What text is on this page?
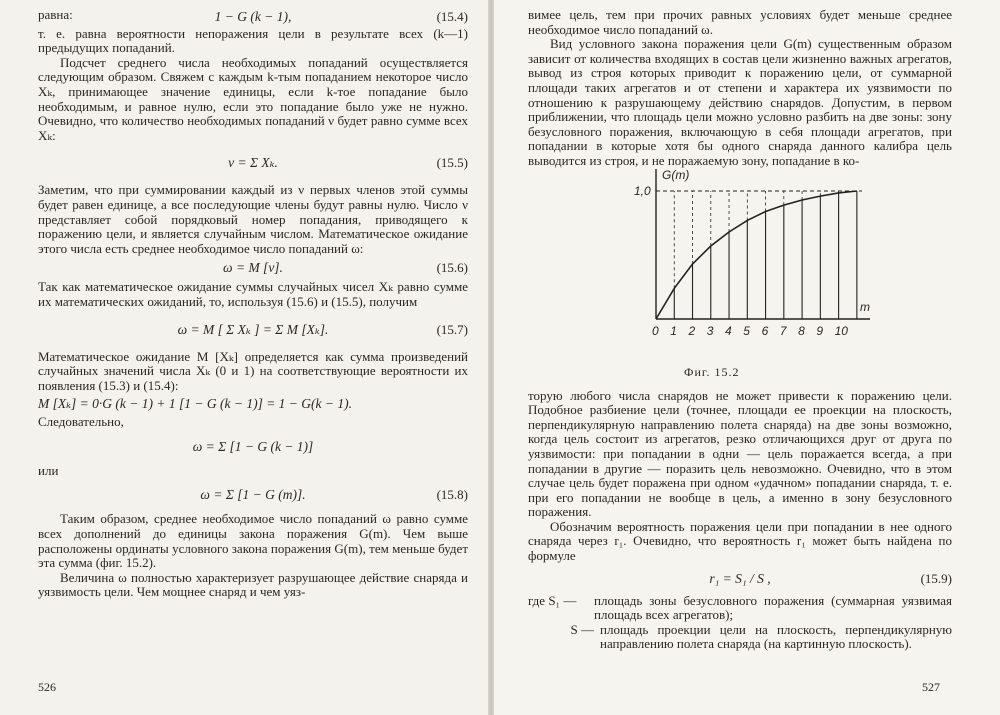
равна:	1 − G (k − 1),	(15.4)

т. е. равна вероятности непоражения цели в результате всех (k—1) предыдущих попаданий.

Подсчет среднего числа необходимых попаданий осуществляется следующим образом. Свяжем с каждым k-тым попаданием некоторое число Xₖ, принимающее значение единицы, если k-тое попадание было необходимым, и равное нулю, если это попадание было уже не нужно. Очевидно, что количество необходимых попаданий ν будет равно сумме всех Xₖ:

ν = Σ Xₖ.	(15.5)

Заметим, что при суммировании каждый из ν первых членов этой суммы будет равен единице, а все последующие члены будут равны нулю. Число ν представляет собой порядковый номер попадания, приводящего к поражению цели, и является случайным числом. Математическое ожидание этого числа есть среднее необходимое число попаданий ω:

ω = M [ν].	(15.6)

Так как математическое ожидание суммы случайных чисел Xₖ равно сумме их математических ожиданий, то, используя (15.6) и (15.5), получим

ω = M [ Σ Xₖ ] = Σ M [Xₖ].	(15.7)

Математическое ожидание M [Xₖ] определяется как сумма произведений случайных значений числа Xₖ (0 и 1) на соответствующие вероятности их появления (15.3) и (15.4):

M [Xₖ] = 0·G (k − 1) + 1 [1 − G (k − 1)] = 1 − G(k − 1).

Следовательно,

ω = Σ [1 − G (k − 1)]

или

ω = Σ [1 − G (m)].	(15.8)

Таким образом, среднее необходимое число попаданий ω равно сумме всех дополнений до единицы закона поражения G(m). Чем выше расположены ординаты условного закона поражения G(m), тем меньше будет эта сумма (фиг. 15.2).

Величина ω полностью характеризует разрушающее действие снаряда и уязвимость цели. Чем мощнее снаряд и чем уяз-

526

вимее цель, тем при прочих равных условиях будет меньше среднее необходимое число попаданий ω.

Вид условного закона поражения цели G(m) существенным образом зависит от количества входящих в состав цели жизненно важных агрегатов, вывод из строя которых приводит к поражению цели, от суммарной площади таких агрегатов и от степени и характера их уязвимости по отношению к разрушающему действию снарядов. Допустим, в первом приближении, что площадь цели можно условно разбить на две зоны: зону безусловного поражения, включающую в себя площади агрегатов, при попадании в которые хотя бы одного снаряда данного калибра цель выводится из строя, и не поражаемую зону, попадание в ко-

0 1 2 3 4 5 6 7 8 9 10
1,0
G(m)
m
Фиг. 15.2

торую любого числа снарядов не может привести к поражению цели. Подобное разбиение цели (точнее, площади ее проекции на плоскость, перпендикулярную направлению полета снаряда) на две зоны возможно, когда цель состоит из агрегатов, резко отличающихся друг от друга по уязвимости: при попадании в одни — цель поражается всегда, а при попадании в другие — поразить цель невозможно. Очевидно, что в этом случае цель будет поражена при одном «удачном» попадании снаряда, т. е. при его попадании не вообще в цель, а именно в зону безусловного поражения.

Обозначим вероятность поражения цели при попадании в нее одного снаряда через r₁. Очевидно, что вероятность r₁ может быть найдена по формуле

r₁ = S₁ / S ,	(15.9)
где S₁ —	площадь зоны безусловного поражения (суммарная уязвимая площадь всех агрегатов);
S — площадь проекции цели на плоскость, перпендикулярную направлению полета снаряда (на картинную плоскость).
527
